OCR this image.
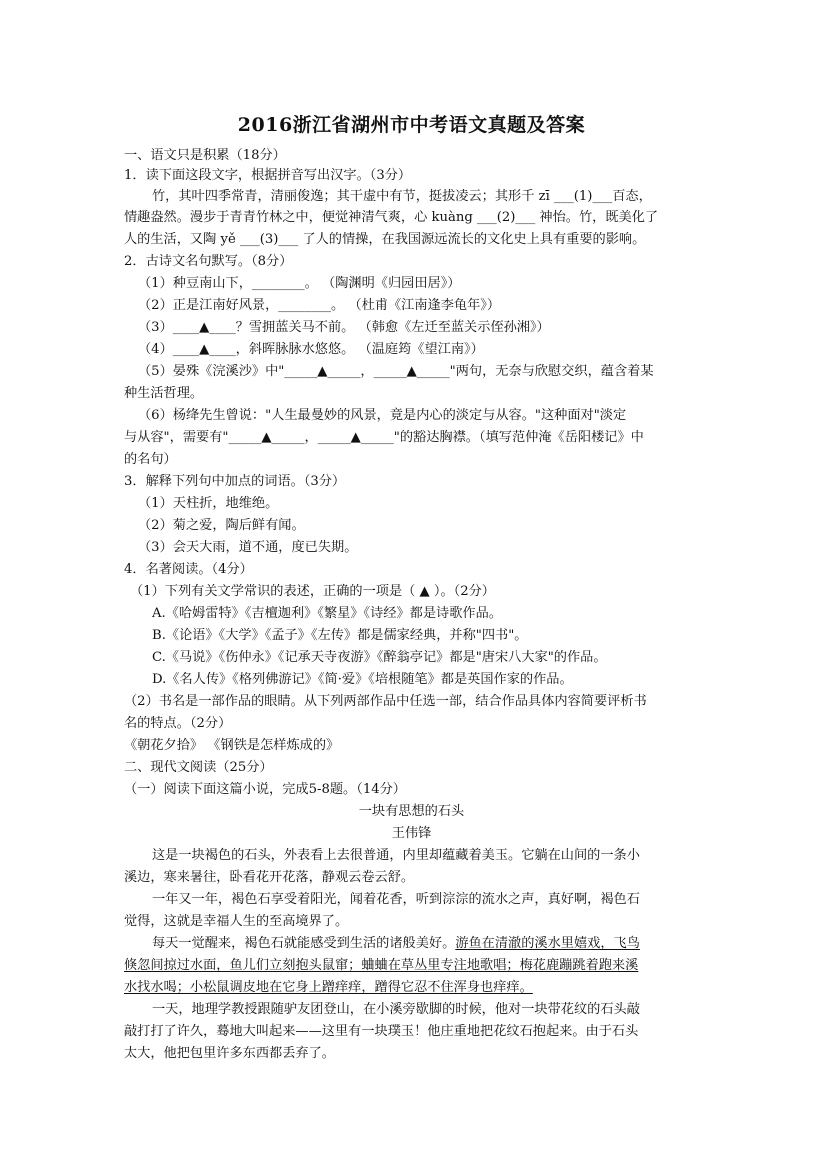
2016浙江省湖州市中考语文真题及答案
一、语文只是积累（18分）
1．读下面这段文字，根据拼音写出汉字。（3分）
竹，其叶四季常青，清丽俊逸；其干虚中有节，挺拔凌云；其形千 zī ___(1)___百态，
情趣盎然。漫步于青青竹林之中，便觉神清气爽，心 kuàng ___(2)___ 神怡。竹，既美化了
人的生活，又陶 yě ___(3)___ 了人的情操，在我国源远流长的文化史上具有重要的影响。
2．古诗文名句默写。（8分）
（1）种豆南山下，________。 （陶渊明《归园田居》）
（2）正是江南好风景，________。 （杜甫《江南逢李龟年》）
（3）____▲____？雪拥蓝关马不前。 （韩愈《左迁至蓝关示侄孙湘》）
（4）____▲____，斜晖脉脉水悠悠。 （温庭筠《望江南》）
（5）晏殊《浣溪沙》中"_____▲_____，_____▲_____"两句，无奈与欣慰交织，蕴含着某
种生活哲理。
（6）杨绛先生曾说："人生最曼妙的风景，竟是内心的淡定与从容。"这种面对"淡定
与从容"，需要有"_____▲_____，_____▲_____"的豁达胸襟。（填写范仲淹《岳阳楼记》中
的名句）
3．解释下列句中加点的词语。（3分）
（1）天柱折，地维绝。
（2）菊之爱，陶后鲜有闻。
（3）会天大雨，道不通，度已失期。
4．名著阅读。（4分）
（1）下列有关文学常识的表述，正确的一项是（ ▲ ）。（2分）
A.《哈姆雷特》《吉檀迦利》《繁星》《诗经》都是诗歌作品。
B.《论语》《大学》《孟子》《左传》都是儒家经典，并称"四书"。
C.《马说》《伤仲永》《记承天寺夜游》《醉翁亭记》都是"唐宋八大家"的作品。
D.《名人传》《格列佛游记》《简·爱》《培根随笔》都是英国作家的作品。
（2）书名是一部作品的眼睛。从下列两部作品中任选一部，结合作品具体内容简要评析书
名的特点。（2分）
《朝花夕拾》 《钢铁是怎样炼成的》
二、现代文阅读（25分）
（一）阅读下面这篇小说，完成5-8题。（14分）
这是一块褐色的石头，外表看上去很普通，内里却蕴藏着美玉。它躺在山间的一条小
溪边，寒来暑往，卧看花开花落，静观云卷云舒。
一年又一年，褐色石享受着阳光，闻着花香，听到淙淙的流水之声，真好啊，褐色石
觉得，这就是幸福人生的至高境界了。
一天，地理学教授跟随驴友团登山，在小溪旁歇脚的时候，他对一块带花纹的石头敲
敲打打了许久，蓦地大叫起来——这里有一块璞玉！他庄重地把花纹石抱起来。由于石头
太大，他把包里许多东西都丢弃了。
一块有思想的石头
王伟锋
每天一觉醒来，褐色石就能感受到生活的诸般美好。游鱼在清澈的溪水里嬉戏，飞鸟
倏忽间掠过水面，鱼儿们立刻抱头鼠窜；蛐蛐在草丛里专注地歌唱；梅花鹿蹦跳着跑来溪
水找水喝；小松鼠调皮地在它身上蹭痒痒，蹭得它忍不住浑身也痒痒。
